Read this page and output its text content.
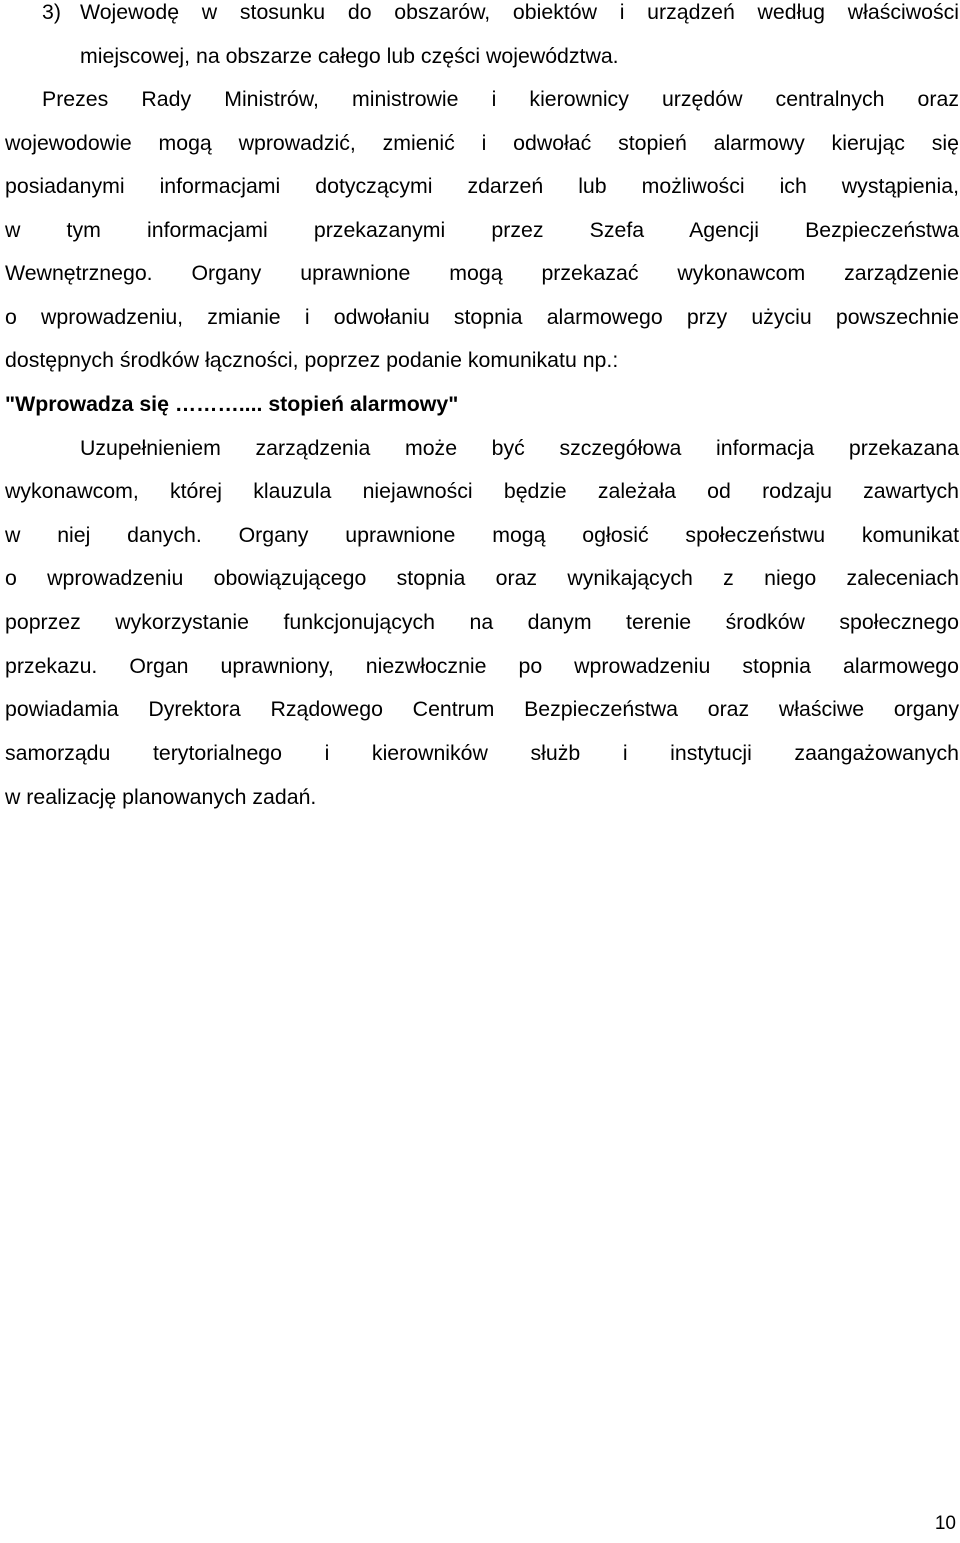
3) Wojewodę w stosunku do obszarów, obiektów i urządzeń według właściwości

miejscowej, na obszarze całego lub części województwa.

Prezes Rady Ministrów, ministrowie i kierownicy urzędów centralnych oraz

wojewodowie mogą wprowadzić, zmienić i odwołać stopień alarmowy kierując się

posiadanymi informacjami dotyczącymi zdarzeń lub możliwości ich wystąpienia,

w tym informacjami przekazanymi przez Szefa Agencji Bezpieczeństwa

Wewnętrznego. Organy uprawnione mogą przekazać wykonawcom zarządzenie

o wprowadzeniu, zmianie i odwołaniu stopnia alarmowego przy użyciu powszechnie

dostępnych środków łączności, poprzez podanie komunikatu np.:

"Wprowadza się ……….... stopień alarmowy"

Uzupełnieniem zarządzenia może być szczegółowa informacja przekazana

wykonawcom, której klauzula niejawności będzie zależała od rodzaju zawartych

w niej danych. Organy uprawnione mogą ogłosić społeczeństwu komunikat

o wprowadzeniu obowiązującego stopnia oraz wynikających z niego zaleceniach

poprzez wykorzystanie funkcjonujących na danym terenie środków społecznego

przekazu. Organ uprawniony, niezwłocznie po wprowadzeniu stopnia alarmowego

powiadamia Dyrektora Rządowego Centrum Bezpieczeństwa oraz właściwe organy

samorządu terytorialnego i kierowników służb i instytucji zaangażowanych

w realizację planowanych zadań.

10
